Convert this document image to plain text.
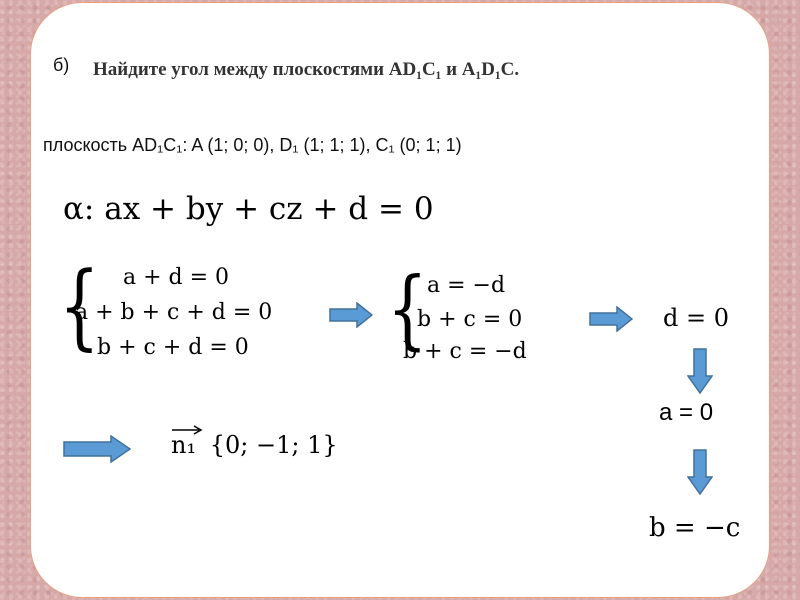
б) Найдите угол между плоскостями AD₁C₁ и A₁D₁C.
плоскость AD₁C₁: A (1; 0; 0), D₁ (1; 1; 1), C₁ (0; 1; 1)
α: ax + by + cz + d = 0
{ a + d = 0
a + b + c + d = 0
b + c + d = 0 { a = −d
b + c = 0
b + c = −d
d = 0
a = 0
n₁ {0; −1; 1}
b = −c
